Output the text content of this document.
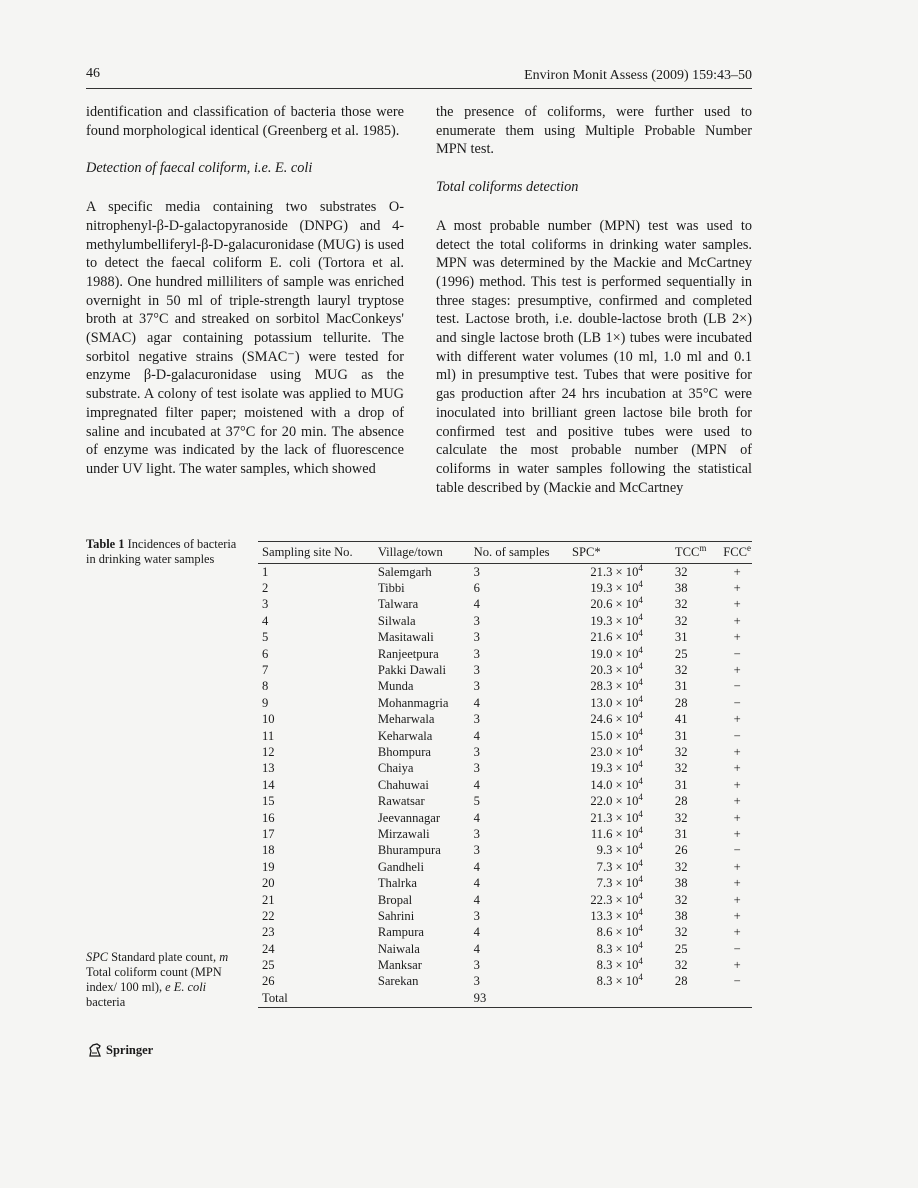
46	Environ Monit Assess (2009) 159:43–50

identification and classification of bacteria those were found morphological identical (Greenberg et al. 1985).

Detection of faecal coliform, i.e. E. coli

A specific media containing two substrates O-nitrophenyl-β-D-galactopyranoside (DNPG) and 4-methylumbelliferyl-β-D-galacuronidase (MUG) is used to detect the faecal coliform E. coli (Tortora et al. 1988). One hundred milliliters of sample was enriched overnight in 50 ml of triple-strength lauryl tryptose broth at 37°C and streaked on sorbitol MacConkeys' (SMAC) agar containing potassium tellurite. The sorbitol negative strains (SMAC⁻) were tested for enzyme β-D-galacuronidase using MUG as the substrate. A colony of test isolate was applied to MUG impregnated filter paper; moistened with a drop of saline and incubated at 37°C for 20 min. The absence of enzyme was indicated by the lack of fluorescence under UV light. The water samples, which showed

the presence of coliforms, were further used to enumerate them using Multiple Probable Number MPN test.

Total coliforms detection

A most probable number (MPN) test was used to detect the total coliforms in drinking water samples. MPN was determined by the Mackie and McCartney (1996) method. This test is performed sequentially in three stages: presumptive, confirmed and completed test. Lactose broth, i.e. double-lactose broth (LB 2×) and single lactose broth (LB 1×) tubes were incubated with different water volumes (10 ml, 1.0 ml and 0.1 ml) in presumptive test. Tubes that were positive for gas production after 24 hrs incubation at 35°C were inoculated into brilliant green lactose bile broth for confirmed test and positive tubes were used to calculate the most probable number (MPN of coliforms in water samples following the statistical table described by (Mackie and McCartney

Table 1 Incidences of bacteria in drinking water samples
Sampling site No.	Village/town	No. of samples	SPC*	TCC$^m$	FCC$^e$
1	Salemgarh	3	$21.3 \times 10^4$	32	+
2	Tibbi	6	$19.3 \times 10^4$	38	+
3	Talwara	4	$20.6 \times 10^4$	32	+
4	Silwala	3	$19.3 \times 10^4$	32	+
5	Masitawali	3	$21.6 \times 10^4$	31	+
6	Ranjeetpura	3	$19.0 \times 10^4$	25	−
7	Pakki Dawali	3	$20.3 \times 10^4$	32	+
8	Munda	3	$28.3 \times 10^4$	31	−
9	Mohanmagria	4	$13.0 \times 10^4$	28	−
10	Meharwala	3	$24.6 \times 10^4$	41	+
11	Keharwala	4	$15.0 \times 10^4$	31	−
12	Bhompura	3	$23.0 \times 10^4$	32	+
13	Chaiya	3	$19.3 \times 10^4$	32	+
14	Chahuwai	4	$14.0 \times 10^4$	31	+
15	Rawatsar	5	$22.0 \times 10^4$	28	+
16	Jeevannagar	4	$21.3 \times 10^4$	32	+
17	Mirzawali	3	$11.6 \times 10^4$	31	+
18	Bhurampura	3	$9.3 \times 10^4$	26	−
19	Gandheli	4	$7.3 \times 10^4$	32	+
20	Thalrka	4	$7.3 \times 10^4$	38	+
21	Bropal	4	$22.3 \times 10^4$	32	+
22	Sahrini	3	$13.3 \times 10^4$	38	+
23	Rampura	4	$8.6 \times 10^4$	32	+
24	Naiwala	4	$8.3 \times 10^4$	25	−
25	Manksar	3	$8.3 \times 10^4$	32	+
26	Sarekan	3	$8.3 \times 10^4$	28	−
Total		93			
SPC Standard plate count, m Total coliform count (MPN index/ 100 ml), e E. coli bacteria
Springer
